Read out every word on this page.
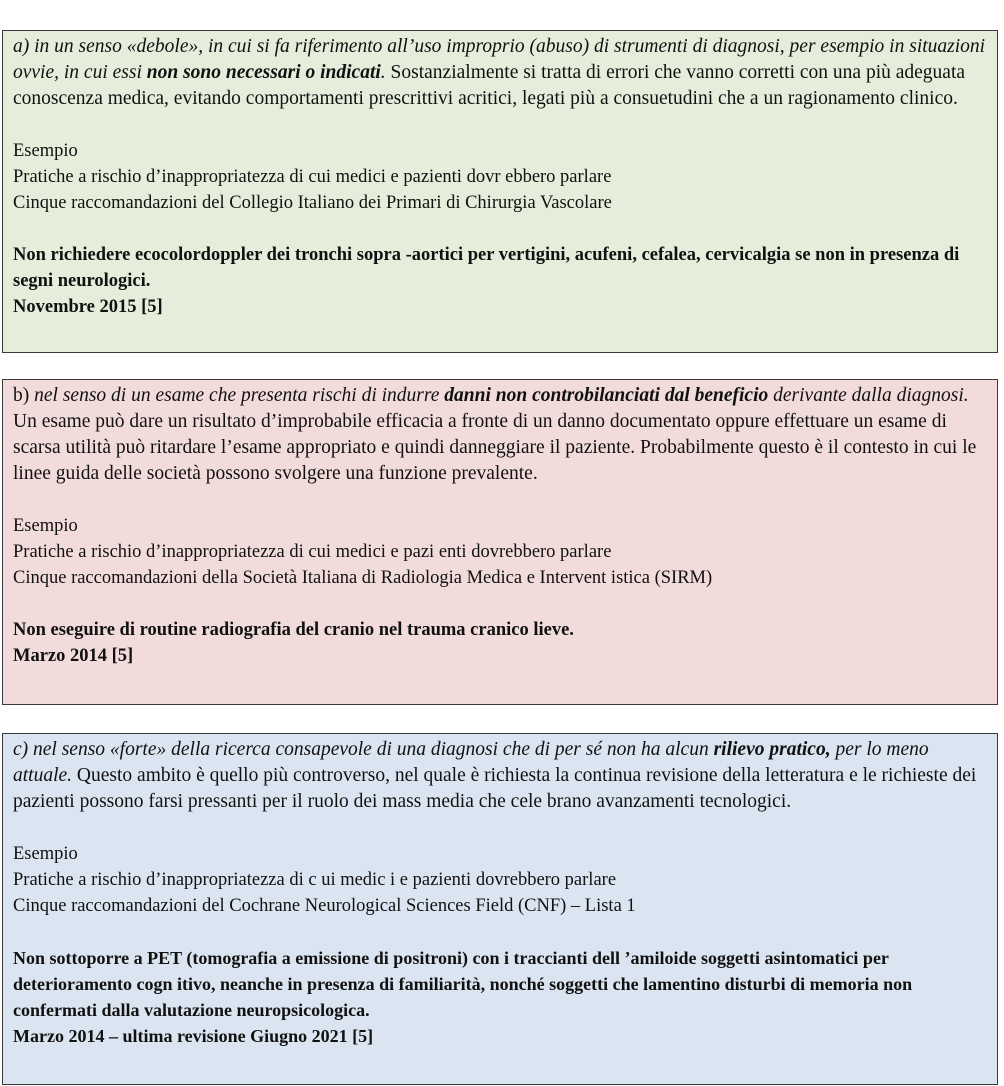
a) in un senso «debole», in cui si fa riferimento all’uso improprio (abuso) di strumenti di diagnosi, per esempio in situazioni ovvie, in cui essi non sono necessari o indicati. Sostanzialmente si tratta di errori che vanno corretti con una più adeguata conoscenza medica, evitando comportamenti prescrittivi acritici, legati più a consuetudini che a un ragionamento clinico.

Esempio

Pratiche a rischio d’inappropriatezza di cui medici e pazienti dovr ebbero parlare

Cinque raccomandazioni del Collegio Italiano dei Primari di Chirurgia Vascolare

Non richiedere ecocolordoppler dei tronchi sopra -aortici per vertigini, acufeni, cefalea, cervicalgia se non in presenza di segni neurologici.

Novembre 2015 [5]

b) nel senso di un esame che presenta rischi di indurre danni non controbilanciati dal beneficio derivante dalla diagnosi. Un esame può dare un risultato d’improbabile efficacia a fronte di un danno documentato oppure effettuare un esame di scarsa utilità può ritardare l’esame appropriato e quindi danneggiare il paziente. Probabilmente questo è il contesto in cui le linee guida delle società possono svolgere una funzione prevalente.

Esempio

Pratiche a rischio d’inappropriatezza di cui medici e pazi enti dovrebbero parlare

Cinque raccomandazioni della Società Italiana di Radiologia Medica e Intervent istica (SIRM)

Non eseguire di routine radiografia del cranio nel trauma cranico lieve.

Marzo 2014 [5]

c) nel senso «forte» della ricerca consapevole di una diagnosi che di per sé non ha alcun rilievo pratico, per lo meno attuale. Questo ambito è quello più controverso, nel quale è richiesta la continua revisione della letteratura e le richieste dei pazienti possono farsi pressanti per il ruolo dei mass media che cele brano avanzamenti tecnologici.

Esempio

Pratiche a rischio d’inappropriatezza di c ui medic i e pazienti dovrebbero parlare

Cinque raccomandazioni del Cochrane Neurological Sciences Field (CNF) – Lista 1

Non sottoporre a PET (tomografia a emissione di positroni) con i traccianti dell ’amiloide soggetti asintomatici per deterioramento cogn itivo, neanche in presenza di familiarità, nonché soggetti che lamentino disturbi di memoria non confermati dalla valutazione neuropsicologica.

Marzo 2014 – ultima revisione Giugno 2021 [5]
